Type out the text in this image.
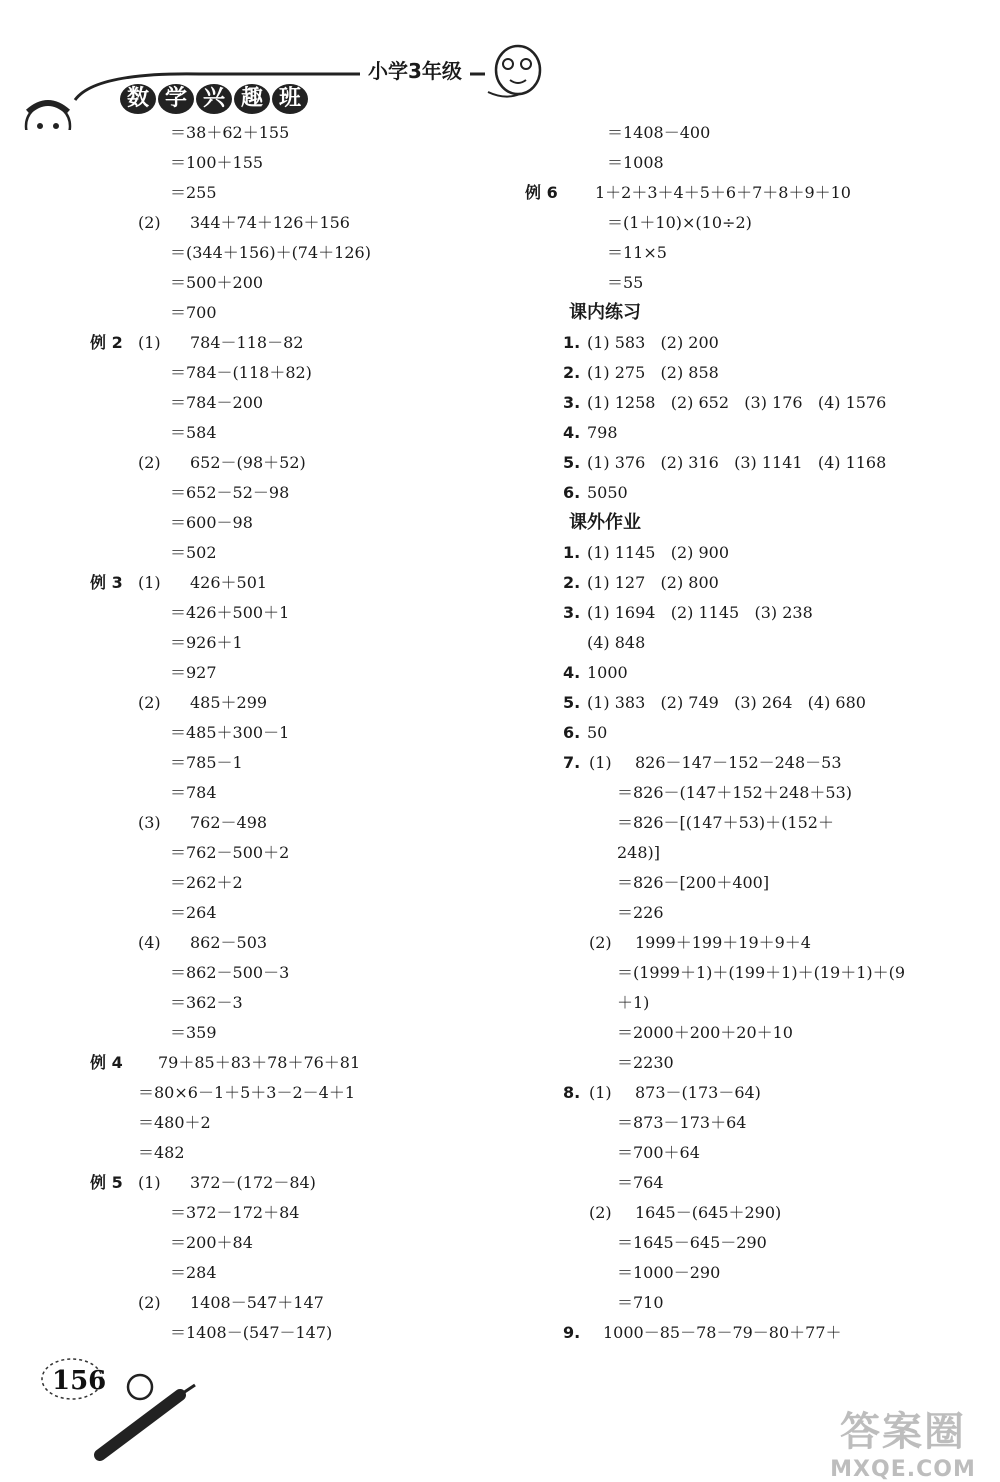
数 学 兴 趣 班
小学3年级
＝38＋62＋155
＝100＋155
＝255
(2) 344＋74＋126＋156
＝(344＋156)＋(74＋126)
＝500＋200
＝700
例 2 (1) 784－118－82
＝784－(118＋82)
＝784－200
＝584
(2) 652－(98＋52)
＝652－52－98
＝600－98
＝502
例 3 (1) 426＋501
＝426＋500＋1
＝926＋1
＝927
(2) 485＋299
＝485＋300－1
＝785－1
＝784
(3) 762－498
＝762－500＋2
＝262＋2
＝264
(4) 862－503
＝862－500－3
＝362－3
＝359
例 4 79＋85＋83＋78＋76＋81
＝80×6－1＋5＋3－2－4＋1
＝480＋2
＝482
例 5 (1) 372－(172－84)
＝372－172＋84
＝200＋84
＝284
(2) 1408－547＋147
＝1408－(547－147)
＝1408－400
＝1008
例 6 1＋2＋3＋4＋5＋6＋7＋8＋9＋10
＝(1＋10)×(10÷2)
＝11×5
＝55
课内练习
1. (1) 583   (2) 200
2. (1) 275   (2) 858
3. (1) 1258   (2) 652   (3) 176   (4) 1576
4. 798
5. (1) 376   (2) 316   (3) 1141   (4) 1168
6. 5050
课外作业
1. (1) 1145   (2) 900
2. (1) 127   (2) 800
3. (1) 1694   (2) 1145   (3) 238
(4) 848
4. 1000
5. (1) 383   (2) 749   (3) 264   (4) 680
6. 50
7. (1) 826－147－152－248－53
＝826－(147＋152＋248＋53)
＝826－[(147＋53)＋(152＋
248)]
＝826－[200＋400]
＝226
(2) 1999＋199＋19＋9＋4
＝(1999＋1)＋(199＋1)＋(19＋1)＋(9
＋1)
＝2000＋200＋20＋10
＝2230
8. (1) 873－(173－64)
＝873－173＋64
＝700＋64
＝764
(2) 1645－(645＋290)
＝1645－645－290
＝1000－290
＝710
9. 1000－85－78－79－80＋77＋
156
答案圈
MXQE.COM
